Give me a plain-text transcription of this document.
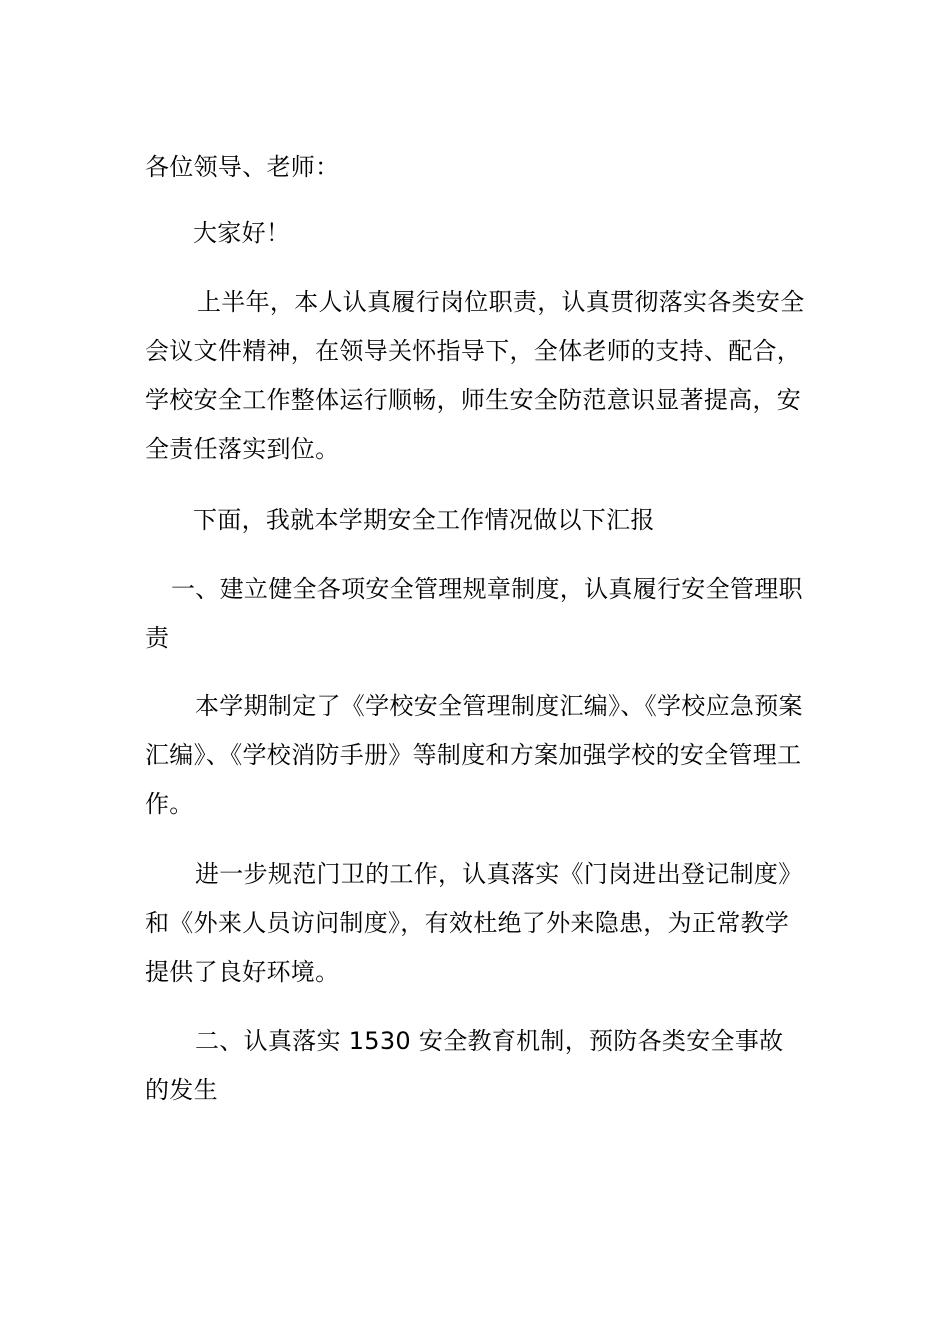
各位领导、老师：

大家好！

上半年，本人认真履行岗位职责，认真贯彻落实各类安全会议文件精神，在领导关怀指导下，全体老师的支持、配合，学校安全工作整体运行顺畅，师生安全防范意识显著提高，安全责任落实到位。

下面，我就本学期安全工作情况做以下汇报

一、建立健全各项安全管理规章制度，认真履行安全管理职责

本学期制定了《学校安全管理制度汇编》、《学校应急预案汇编》、《学校消防手册》等制度和方案加强学校的安全管理工作。

进一步规范门卫的工作，认真落实《门岗进出登记制度》和《外来人员访问制度》，有效杜绝了外来隐患，为正常教学提供了良好环境。

二、认真落实 1530 安全教育机制，预防各类安全事故的发生
